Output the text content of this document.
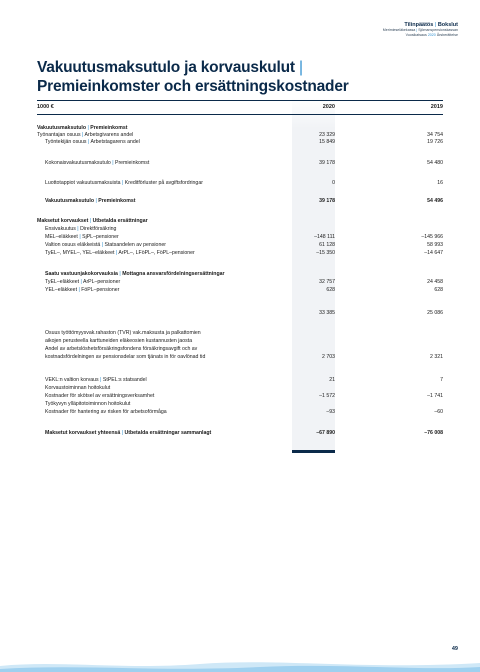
Tilinpäätös | Bokslut
Merimieseläkekassa | Sjömanspensionskassan
Vuosikatsaus 2020 Årsberättelse
Vakuutusmaksutulo ja korvauskulut |
Premieinkomster och ersättningskostnader
1000 €	2020	2019
Vakuutusmaksutulo | Premieinkomst
Työnantajan osuus | Arbetsgivarens andel	23 329	34 754
Työntekijän osuus | Arbetstagarens andel	15 849	19 726
Kokonaisvakuutusmaksutulo | Premieinkomst	39 178	54 480
Luottotappiot vakuutusmaksuista | Kreditförluster på avgiftsfordringar	0	16
Vakuutusmaksutulo | Premieinkomst	39 178	54 496
Maksetut korvaukset | Utbetalda ersättningar
Ensivakuutus | Direktförsäkring
MEL–eläkkeet | SjPL–pensioner	–148 111	–145 966
Valtion osuus eläkkeistä | Statsandelen av pensioner	61 128	58 993
TyEL–, MYEL–, YEL–eläkkeet | ArPL–, LFöPL–, FöPL–pensioner	–15 350	–14 647
Saatu vastuunjakokorvauksia | Mottagna ansvarsfördelningsersättningar
TyEL–eläkkeet | ArPL–pensioner	32 757	24 458
YEL–eläkkeet | FöPL–pensioner	628	628
33 385	25 086
Osuus työttömyysvak.rahaston (TVR) vak.maksusta ja palkattomien
aikojen perusteella karttuneiden eläkeosien kustannusten jaosta
Andel av arbetslöshetsförsäkringsfondens försäkringsavgift och av
kostnadsfördelningen av pensionsdelar som tjänats in för oavlönad tid	2 703	2 321
VEKL:n valtion korvaus | StPEL:s statsandel	21	7
Korvaustoiminnan hoitokulut
Kostnader för skötsel av ersättningsverksamhet	–1 572	–1 741
Työkyvyn ylläpitotoiminnon hoitokulut
Kostnader för hantering av risken för arbetsoförmåga	–93	–60
Maksetut korvaukset yhteensä | Utbetalda ersättningar sammanlagt	–67 890	–76 008
49
